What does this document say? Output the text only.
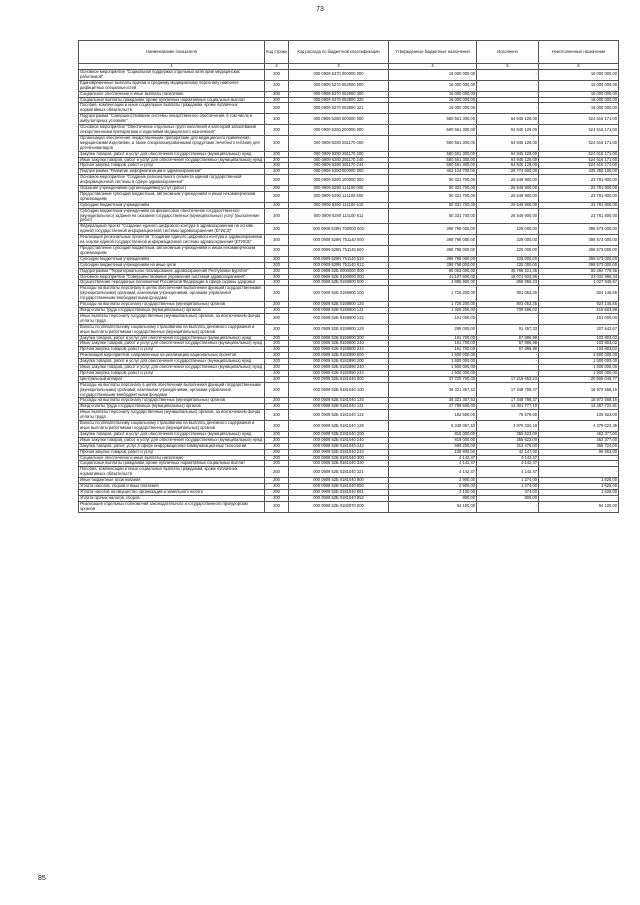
73
Наименование показателя	Код строки	Код расхода по бюджетной классификации	Утвержденные бюджетные назначения	Исполнено	Неисполненные назначения
1	2	3	4	5	6
Основное мероприятие "Социальная поддержка отдельных категорий медицинских работников"	200	000 0909 5270 000000 000	16 000 000,00	-	16 000 000,00
Единовременные выплаты врачам и среднему медицинскому персоналу наиболее дефицитных специальностей	200	000 0909 5270 052900 000	16 000 000,00	-	16 000 000,00
Социальное обеспечение и иные выплаты населению	200	000 0909 5270 052900 300	16 000 000,00	-	16 000 000,00
Социальные выплаты гражданам, кроме публичных нормативных социальных выплат	200	000 0909 5270 052900 320	16 000 000,00	-	16 000 000,00
Пособия, компенсации и иные социальные выплаты гражданам, кроме публичных нормативных обязательств	200	000 0909 5270 052900 321	16 000 000,00	-	16 000 000,00
Подпрограмма "Совершенствование системы лекарственного обеспечения, в том числе в амбулаторных условиях"	200	000 0909 5280 000000 000	580 561 300,00	64 945 129,00	524 616 171,00
Основное мероприятие "Обеспечение отдельных групп населения и категорий заболеваний лекарственными препаратами и изделиями медицинского назначения"	200	000 0909 5280 200000 000	580 561 300,00	64 945 129,00	524 616 171,00
Организация обеспечения лекарственными препаратами для медицинского применения, медицинскими изделиями, а также специализированными продуктами лечебного питания для детей-инвалидов	200	000 0909 5280 281170 000	580 561 300,00	64 945 129,00	524 616 171,00
Закупка товаров, работ и услуг для обеспечения государственных (муниципальных) нужд	200	000 0909 5280 281170 200	580 561 300,00	64 945 129,00	524 616 171,00
Иные закупки товаров, работ и услуг для обеспечения государственных (муниципальных) нужд	200	000 0909 5280 281170 240	580 561 300,00	64 945 129,00	524 616 171,00
Прочая закупка товаров, работ и услуг	200	000 0909 5280 281170 244	580 561 300,00	64 945 129,00	524 616 171,00
Подпрограмма "Развитие информатизации в здравоохранении"	200	000 0909 5290 000000 000	462 124 700,00	26 774 600,00	435 350 100,00
Основное мероприятие "Создание регионального сегмента единой государственной информационной системы в сфере здравоохранения"	200	000 0909 5290 100000 000	50 331 700,00	26 549 900,00	23 781 800,00
Оказание учреждениями (организациями) услуг (работ)	200	000 0909 5290 114100 000	50 331 700,00	26 549 900,00	23 781 800,00
Предоставление субсидий бюджетным, автономным учреждениям и иным некоммерческим организациям	200	000 0909 5290 114100 600	50 331 700,00	26 549 900,00	23 781 800,00
Субсидии бюджетным учреждениям	200	000 0909 5290 114100 610	50 331 700,00	26 549 900,00	23 781 800,00
Субсидии бюджетным учреждениям на финансовое обеспечение государственного (муниципального) задания на оказание государственных (муниципальных) услуг (выполнение работ)	200	000 0909 5290 114100 611	50 331 700,00	26 549 900,00	23 781 800,00
Федеральный проект "Создание единого цифрового контура в здравоохранении на основе единой государственной информационной системы здравоохранения (ЕГИСЗ)"	200	000 0909 529N 700000 000	398 798 000,00	225 000,00	398 573 000,00
Реализация региональных проектов "Создание единого цифрового контура в здравоохранении на основе единой государственной информационной системы здравоохранения (ЕГИСЗ)"	200	000 0909 529N 751140 000	398 798 000,00	225 000,00	398 573 000,00
Предоставление субсидий бюджетным, автономным учреждениям и иным некоммерческим организациям	200	000 0909 529N 751140 600	398 798 000,00	225 000,00	398 573 000,00
Субсидии бюджетным учреждениям	200	000 0909 529N 751140 610	398 798 000,00	225 000,00	398 573 000,00
Субсидии бюджетным учреждениям на иные цели	200	000 0909 529N 751140 612	398 798 000,00	225 000,00	398 573 000,00
Подпрограмма "Территориальное планирование здравоохранения Республики Бурятия"	200	000 0909 52Б 0000000 000	86 053 000,00	35 768 221,45	50 284 778,55
Основное мероприятие "Совершенствование управления системой здравоохранения"	200	000 0909 52Б 0100000 000	41 107 600,00	18 074 603,56	23 032 996,44
Осуществление переданных полномочий Российской Федерации в сфере охраны здоровья	200	000 0909 52Б 0159800 000	1 886 900,00	858 950,33	1 027 949,67
Расходы на выплаты персоналу в целях обеспечения выполнения функций государственными (муниципальными) органами, казенными учреждениями, органами управления государственными внебюджетными фондами	200	000 0909 52Б 0159800 100	1 725 200,00	801 053,35	924 146,65
Расходы на выплаты персоналу государственных (муниципальных) органов	200	000 0909 52Б 0159800 120	1 725 200,00	801 053,35	924 146,65
Фонд оплаты труда государственных (муниципальных) органов	200	000 0909 52Б 0159800 121	1 325 200,00	709 596,02	615 603,98
Иные выплаты персоналу государственных (муниципальных) органов, за исключением фонда оплаты труда	200	000 0909 52Б 0159800 122	101 000,00	-	101 000,00
Взносы по обязательному социальному страхованию на выплаты денежного содержания и иные выплаты работникам государственных (муниципальных) органов	200	000 0909 52Б 0159800 129	299 000,00	91 457,33	207 542,67
Закупка товаров, работ и услуг для обеспечения государственных (муниципальных) нужд	200	000 0909 52Б 0159800 200	161 700,00	57 896,98	103 803,02
Иные закупки товаров, работ и услуг для обеспечения государственных (муниципальных) нужд	200	000 0909 52Б 0159800 240	161 700,00	57 896,98	103 803,02
Прочая закупка товаров, работ и услуг	200	000 0909 52Б 0159800 244	161 700,00	57 896,98	103 803,02
Реализация мероприятий, направленных на реализацию национальных проектов	200	000 0909 52Б 0182890 000	1 500 000,00	-	1 500 000,00
Закупка товаров, работ и услуг для обеспечения государственных (муниципальных) нужд	200	000 0909 52Б 0182890 200	1 500 000,00	-	1 500 000,00
Иные закупки товаров, работ и услуг для обеспечения государственных (муниципальных) нужд	200	000 0909 52Б 0182890 240	1 500 000,00	-	1 500 000,00
Прочая закупка товаров, работ и услуг	200	000 0909 52Б 0182890 244	1 500 000,00	-	1 500 000,00
Центральный аппарат	200	000 0909 52Б 0181040 000	37 720 700,00	17 215 653,23	20 505 046,77
Расходы на выплаты персоналу в целях обеспечения выполнения функций государственными (муниципальными) органами, казенными учреждениями, органами управления государственными внебюджетными фондами	200	000 0909 52Б 0181040 100	36 321 357,53	17 348 789,37	18 972 568,16
Расходы на выплаты персоналу государственных (муниципальных) органов	200	000 0909 52Б 0181040 120	36 321 357,53	17 348 789,37	18 972 568,16
Фонд оплаты труда государственных (муниципальных) органов	200	000 0909 52Б 0181040 121	27 789 500,00	13 301 777,19	14 487 722,81
Иные выплаты персоналу государственных (муниципальных) органов, за исключением фонда оплаты труда	200	000 0909 52Б 0181040 122	182 500,00	76 678,00	105 822,00
Взносы по обязательному социальному страхованию на выплаты денежного содержания и иные выплаты работникам государственных (муниципальных) органов	200	000 0909 52Б 0181040 129	8 349 357,53	3 970 334,18	4 379 023,35
Закупка товаров, работ и услуг для обеспечения государственных (муниципальных) нужд	200	000 0909 52Б 0181040 200	819 000,00	355 623,00	463 377,00
Иные закупки товаров, работ и услуг для обеспечения государственных (муниципальных) нужд	200	000 0909 52Б 0181040 240	819 000,00	355 623,00	463 377,00
Закупка товаров, работ, услуг в сфере информационно-коммуникационных технологий	200	000 0909 52Б 0181040 242	680 200,00	313 476,00	366 724,00
Прочая закупка товаров, работ и услуг	200	000 0909 52Б 0181040 244	138 800,00	42 147,00	96 653,00
Социальное обеспечение и иные выплаты населению	200	000 0909 52Б 0181040 300	4 142,47	4 142,47	-
Социальные выплаты гражданам, кроме публичных нормативных социальных выплат	200	000 0909 52Б 0181040 320	4 142,47	4 142,47	-
Пособия, компенсации и иные социальные выплаты гражданам, кроме публичных нормативных обязательств	200	000 0909 52Б 0181040 321	4 142,47	4 142,47	-
Иные бюджетные ассигнования	200	000 0909 52Б 0181040 800	2 900,00	1 274,00	1 626,00
Уплата налогов, сборов и иных платежей	200	000 0909 52Б 0181040 850	2 900,00	1 274,00	1 626,00
Уплата налогов на имущество организаций и земельного налога	200	000 0909 52Б 0181040 851	2 100,00	474,00	1 626,00
Уплата прочих налогов, сборов	200	000 0909 52Б 0181040 852	800,00	800,00	-
Реализация отдельных полномочий законодательного и государственного прокурорских органов	200	000 0909 52Б 0182970 000	94 100,00	-	94 100,00
85
